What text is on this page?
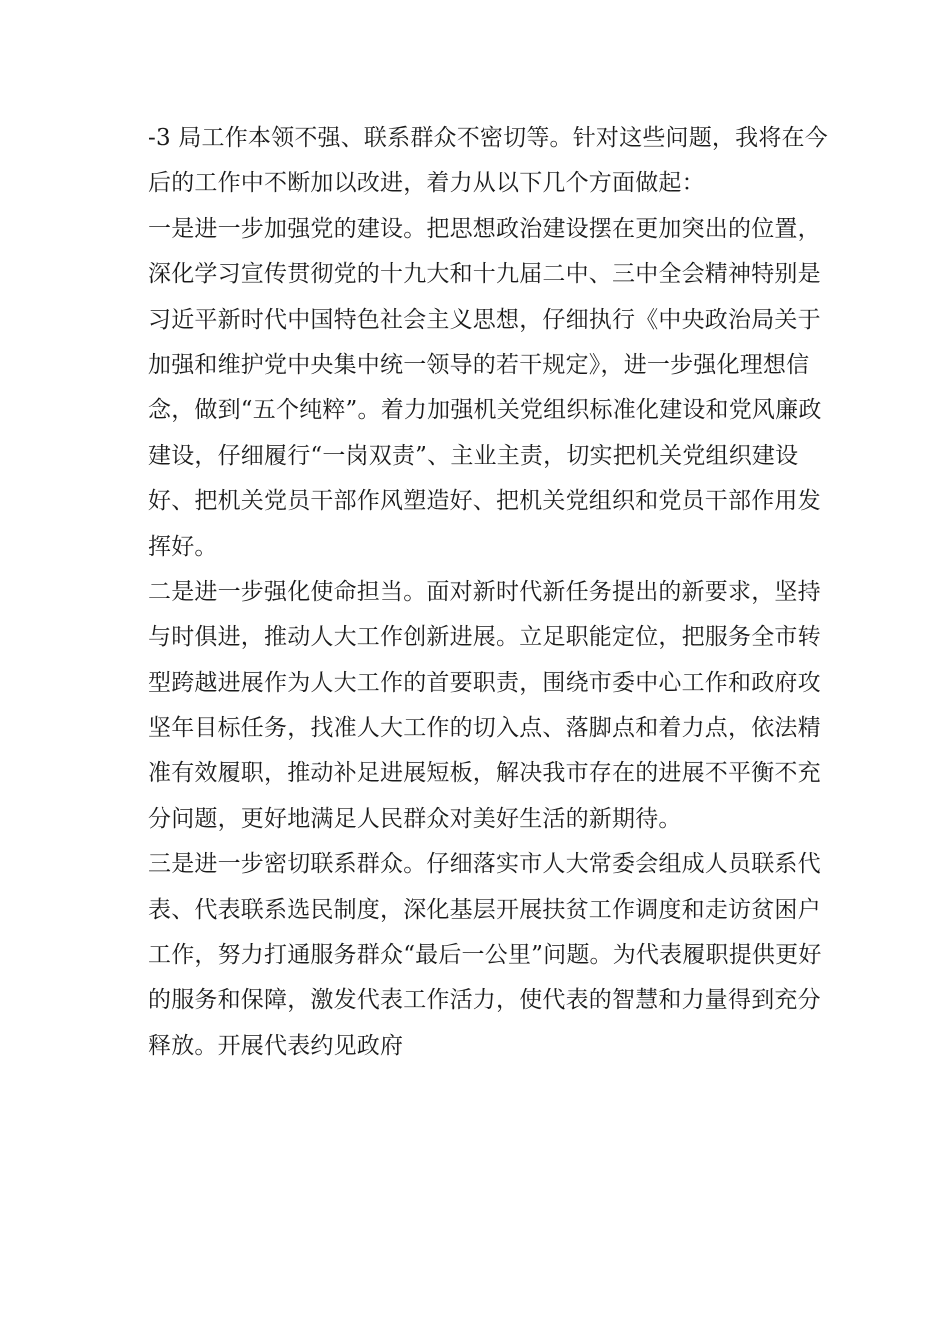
-3 局工作本领不强、联系群众不密切等。针对这些问题，我将在今
后的工作中不断加以改进，着力从以下几个方面做起：
一是进一步加强党的建设。把思想政治建设摆在更加突出的位置，
深化学习宣传贯彻党的十九大和十九届二中、三中全会精神特别是
习近平新时代中国特色社会主义思想，仔细执行《中央政治局关于
加强和维护党中央集中统一领导的若干规定》，进一步强化理想信
念，做到“五个纯粹”。着力加强机关党组织标准化建设和党风廉政
建设，仔细履行“一岗双责”、主业主责，切实把机关党组织建设
好、把机关党员干部作风塑造好、把机关党组织和党员干部作用发
挥好。
二是进一步强化使命担当。面对新时代新任务提出的新要求，坚持
与时俱进，推动人大工作创新进展。立足职能定位，把服务全市转
型跨越进展作为人大工作的首要职责，围绕市委中心工作和政府攻
坚年目标任务，找准人大工作的切入点、落脚点和着力点，依法精
准有效履职，推动补足进展短板，解决我市存在的进展不平衡不充
分问题，更好地满足人民群众对美好生活的新期待。
三是进一步密切联系群众。仔细落实市人大常委会组成人员联系代
表、代表联系选民制度，深化基层开展扶贫工作调度和走访贫困户
工作，努力打通服务群众“最后一公里”问题。为代表履职提供更好
的服务和保障，激发代表工作活力，使代表的智慧和力量得到充分
释放。开展代表约见政府
